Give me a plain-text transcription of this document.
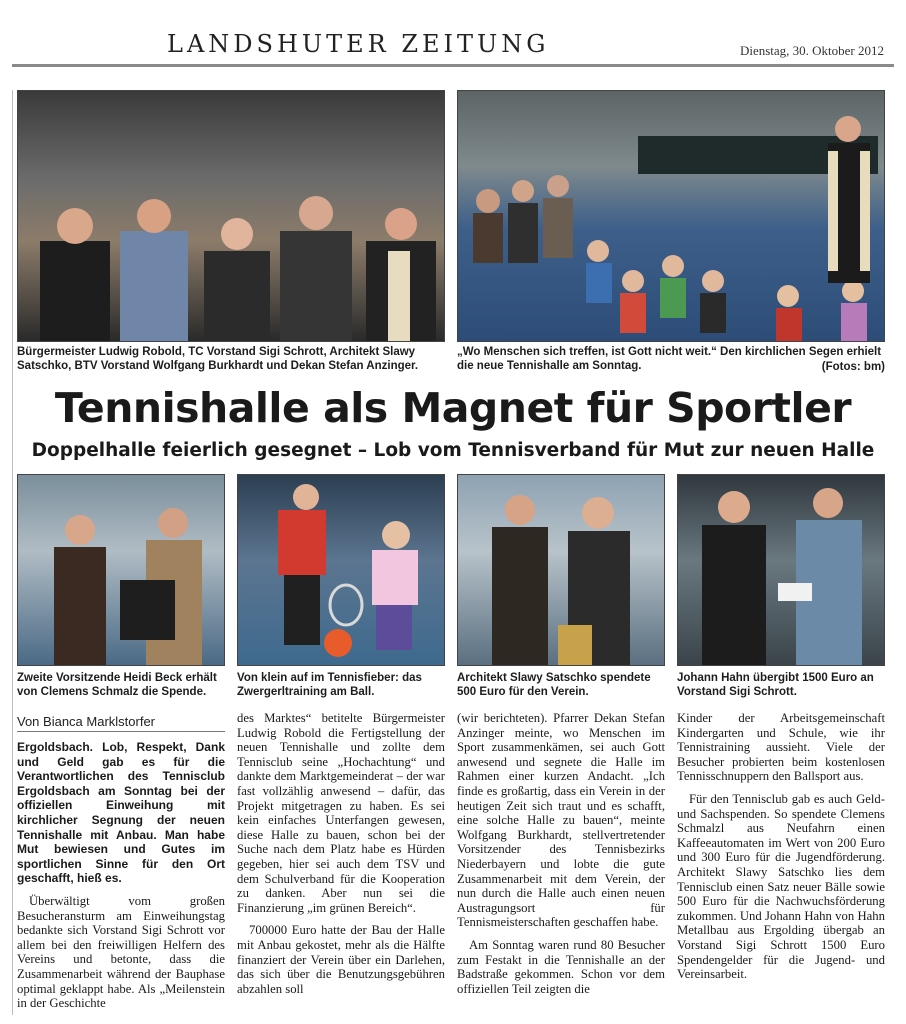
LANDSHUTER ZEITUNG	Dienstag, 30. Oktober 2012
Bürgermeister Ludwig Robold, TC Vorstand Sigi Schrott, Architekt Slawy Satschko, BTV Vorstand Wolfgang Burkhardt und Dekan Stefan Anzinger.
„Wo Menschen sich treffen, ist Gott nicht weit.“ Den kirchlichen Segen erhielt die neue Tennishalle am Sonntag.	(Fotos: bm)
Tennishalle als Magnet für Sportler
Doppelhalle feierlich gesegnet – Lob vom Tennisverband für Mut zur neuen Halle
Zweite Vorsitzende Heidi Beck erhält von Clemens Schmalz die Spende.
Von klein auf im Tennisfieber: das Zwergerltraining am Ball.
Architekt Slawy Satschko spendete 500 Euro für den Verein.
Johann Hahn übergibt 1500 Euro an Vorstand Sigi Schrott.
Von Bianca Marklstorfer

Ergoldsbach. Lob, Respekt, Dank und Geld gab es für die Verantwortlichen des Tennisclub Ergoldsbach am Sonntag bei der offiziellen Einweihung mit kirchlicher Segnung der neuen Tennishalle mit Anbau. Man habe Mut bewiesen und Gutes im sportlichen Sinne für den Ort geschafft, hieß es.

Überwältigt vom großen Besucheransturm am Einweihungstag bedankte sich Vorstand Sigi Schrott vor allem bei den freiwilligen Helfern des Vereins und betonte, dass die Zusammenarbeit während der Bauphase optimal geklappt habe. Als „Meilenstein in der Geschichte

des Marktes“ betitelte Bürgermeister Ludwig Robold die Fertigstellung der neuen Tennishalle und zollte dem Tennisclub seine „Hochachtung“ und dankte dem Marktgemeinderat – der war fast vollzählig anwesend – dafür, das Projekt mitgetragen zu haben. Es sei kein einfaches Unterfangen gewesen, diese Halle zu bauen, schon bei der Suche nach dem Platz habe es Hürden gegeben, hier sei auch dem TSV und dem Schulverband für die Kooperation zu danken. Aber nun sei die Finanzierung „im grünen Bereich“.

700000 Euro hatte der Bau der Halle mit Anbau gekostet, mehr als die Hälfte finanziert der Verein über ein Darlehen, das sich über die Benutzungsgebühren abzahlen soll

(wir berichteten). Pfarrer Dekan Stefan Anzinger meinte, wo Menschen im Sport zusammenkämen, sei auch Gott anwesend und segnete die Halle im Rahmen einer kurzen Andacht. „Ich finde es großartig, dass ein Verein in der heutigen Zeit sich traut und es schafft, eine solche Halle zu bauen“, meinte Wolfgang Burkhardt, stellvertretender Vorsitzender des Tennisbezirks Niederbayern und lobte die gute Zusammenarbeit mit dem Verein, der nun durch die Halle auch einen neuen Austragungsort für Tennismeisterschaften geschaffen habe.

Am Sonntag waren rund 80 Besucher zum Festakt in die Tennishalle an der Badstraße gekommen. Schon vor dem offiziellen Teil zeigten die

Kinder der Arbeitsgemeinschaft Kindergarten und Schule, wie ihr Tennistraining aussieht. Viele der Besucher probierten beim kostenlosen Tennisschnuppern den Ballsport aus.

Für den Tennisclub gab es auch Geld- und Sachspenden. So spendete Clemens Schmalzl aus Neufahrn einen Kaffeeautomaten im Wert von 200 Euro und 300 Euro für die Jugendförderung. Architekt Slawy Satschko lies dem Tennisclub einen Satz neuer Bälle sowie 500 Euro für die Nachwuchsförderung zukommen. Und Johann Hahn von Hahn Metallbau aus Ergolding übergab an Vorstand Sigi Schrott 1500 Euro Spendengelder für die Jugend- und Vereinsarbeit.
